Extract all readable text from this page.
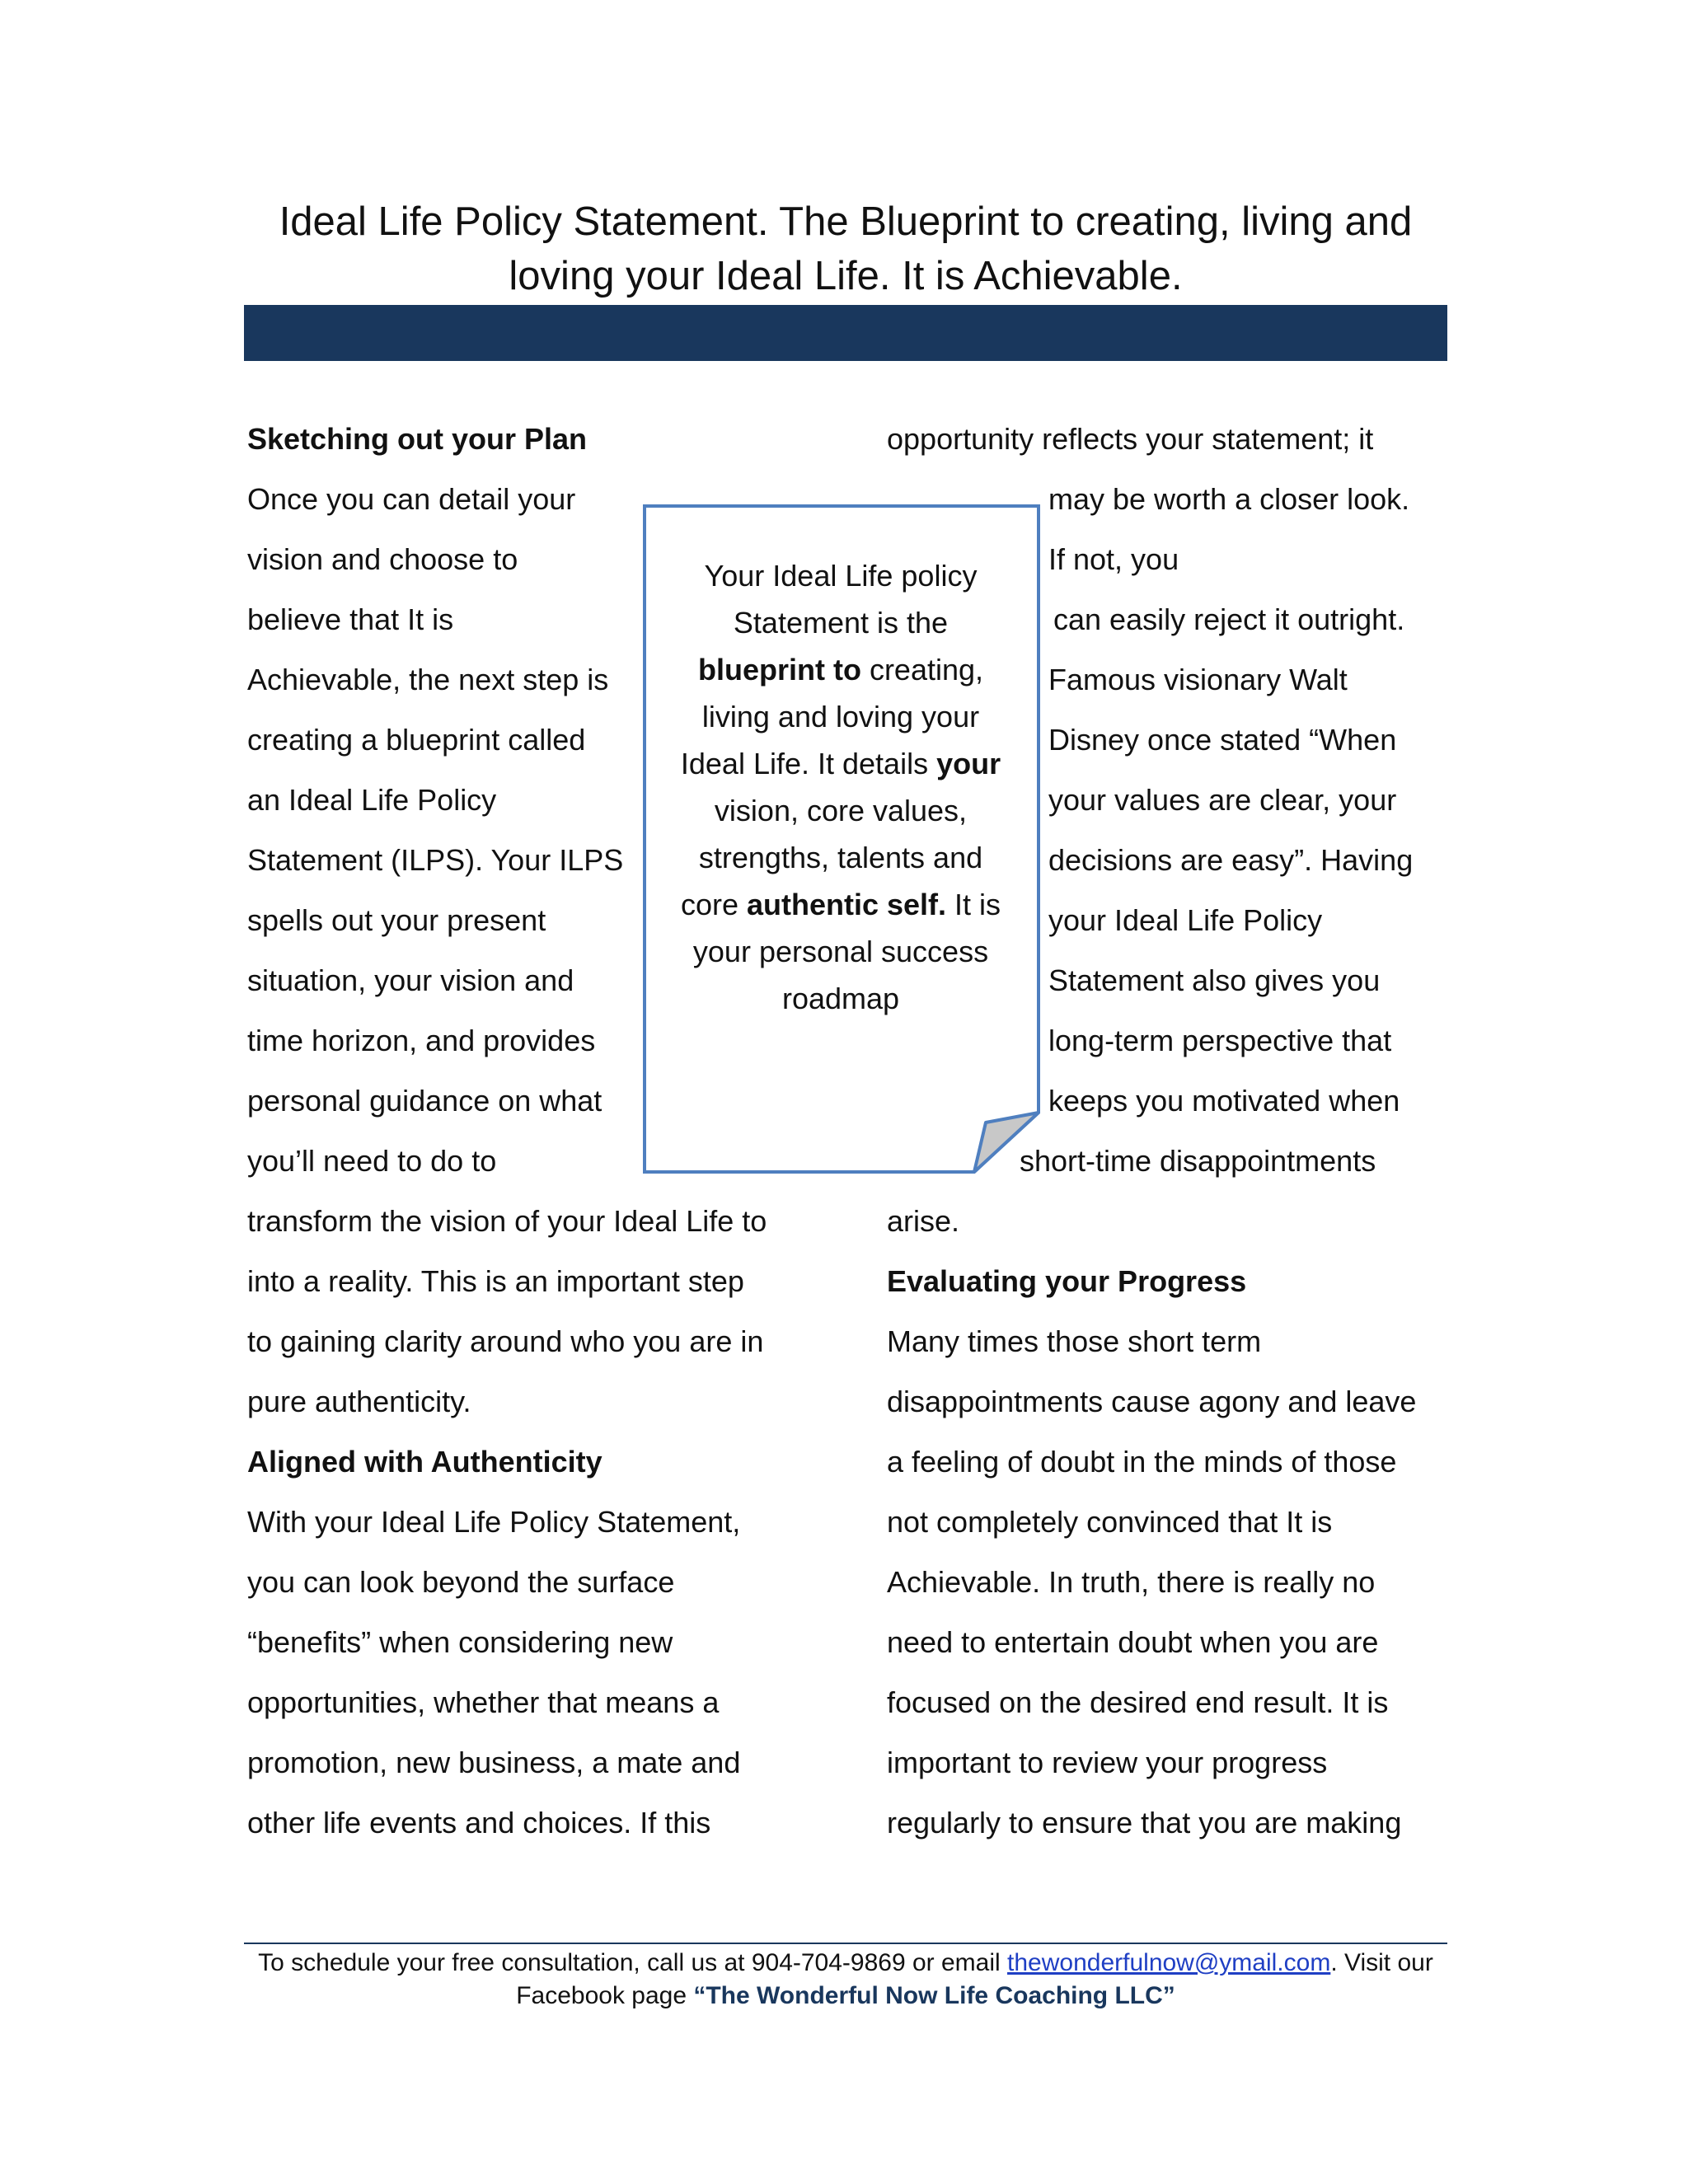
Ideal Life Policy Statement. The Blueprint to creating, living and loving your Ideal Life. It is Achievable.
Sketching out your Plan
Once you can detail your
vision and choose to
believe that It is
Achievable, the next step is
creating a blueprint called
an Ideal Life Policy
Statement (ILPS). Your ILPS
spells out your present
situation, your vision and
time horizon, and provides
personal guidance on what
you’ll need to do to
transform the vision of your Ideal Life to
into a reality. This is an important step
to gaining clarity around who you are in
pure authenticity.
Aligned with Authenticity
With your Ideal Life Policy Statement,
you can look beyond the surface
“benefits” when considering new
opportunities, whether that means a
promotion, new business, a mate and
other life events and choices. If this
opportunity reflects your statement; it
may be worth a closer look.
If not, you
can easily reject it outright.
Famous visionary Walt
Disney once stated “When
your values are clear, your
decisions are easy”. Having
your Ideal Life Policy
Statement also gives you
long-term perspective that
keeps you motivated when
short-time disappointments
arise.
Evaluating your Progress
Many times those short term
disappointments cause agony and leave
a feeling of doubt in the minds of those
not completely convinced that It is
Achievable. In truth, there is really no
need to entertain doubt when you are
focused on the desired end result. It is
important to review your progress
regularly to ensure that you are making
Your Ideal Life policy Statement is the blueprint to creating, living and loving your Ideal Life. It details your vision, core values, strengths, talents and core authentic self. It is your personal success roadmap
To schedule your free consultation, call us at 904-704-9869 or email thewonderfulnow@ymail.com. Visit our Facebook page “The Wonderful Now Life Coaching LLC”
